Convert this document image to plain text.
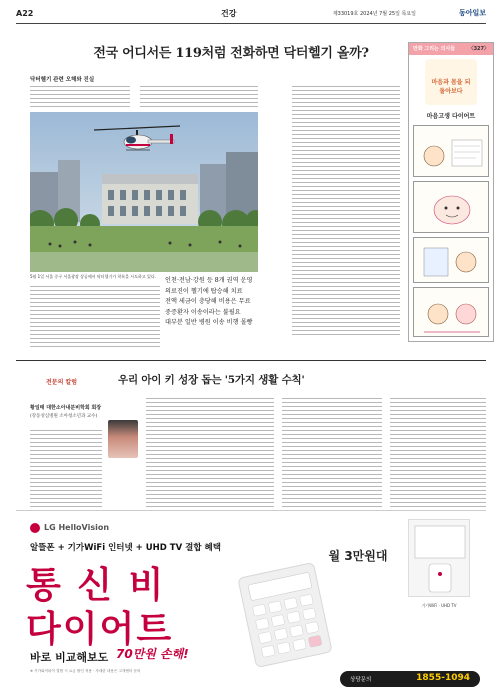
A22	건강	제33019호 2024년 7월 25일 목요일	동아일보
전국 어디서든 119처럼 전화하면 닥터헬기 올까?
닥터헬기 관련 오해와 진실
5월 1일 서울 중구 서울광장 상공에서 닥터헬기가 착륙을 시도하고 있다.
인천·전남·강원 등 8개 권역 운영
의료진이 헬기에 탑승해 치료
전액 세금이 충당해 비용은 무료
중증환자 이송이라는 불필요
대부분 일반 병원 이송 비행 몰빵
만화 그리는 의사들	〈327〉
마음과 몸을 되돌아보다
마음고생 다이어트
전문의 칼럼	우리 아이 키 성장 돕는 '5가지 생활 수칙'
황일태 대한소아내분비학회 회장
(강동성심병원 소아청소년과 교수)
LG HelloVision
알뜰폰 + 기가WiFi 인터넷 + UHD TV 결합 혜택
통 신 비
다이어트
바로 비교해보도 70만원 손해!
※ 기가와이파이 결합 시 요금 할인 적용 · 자세한 내용은 고객센터 문의
월 3만원대
기가WiFi · UHD TV
상담문의	1855-1094
